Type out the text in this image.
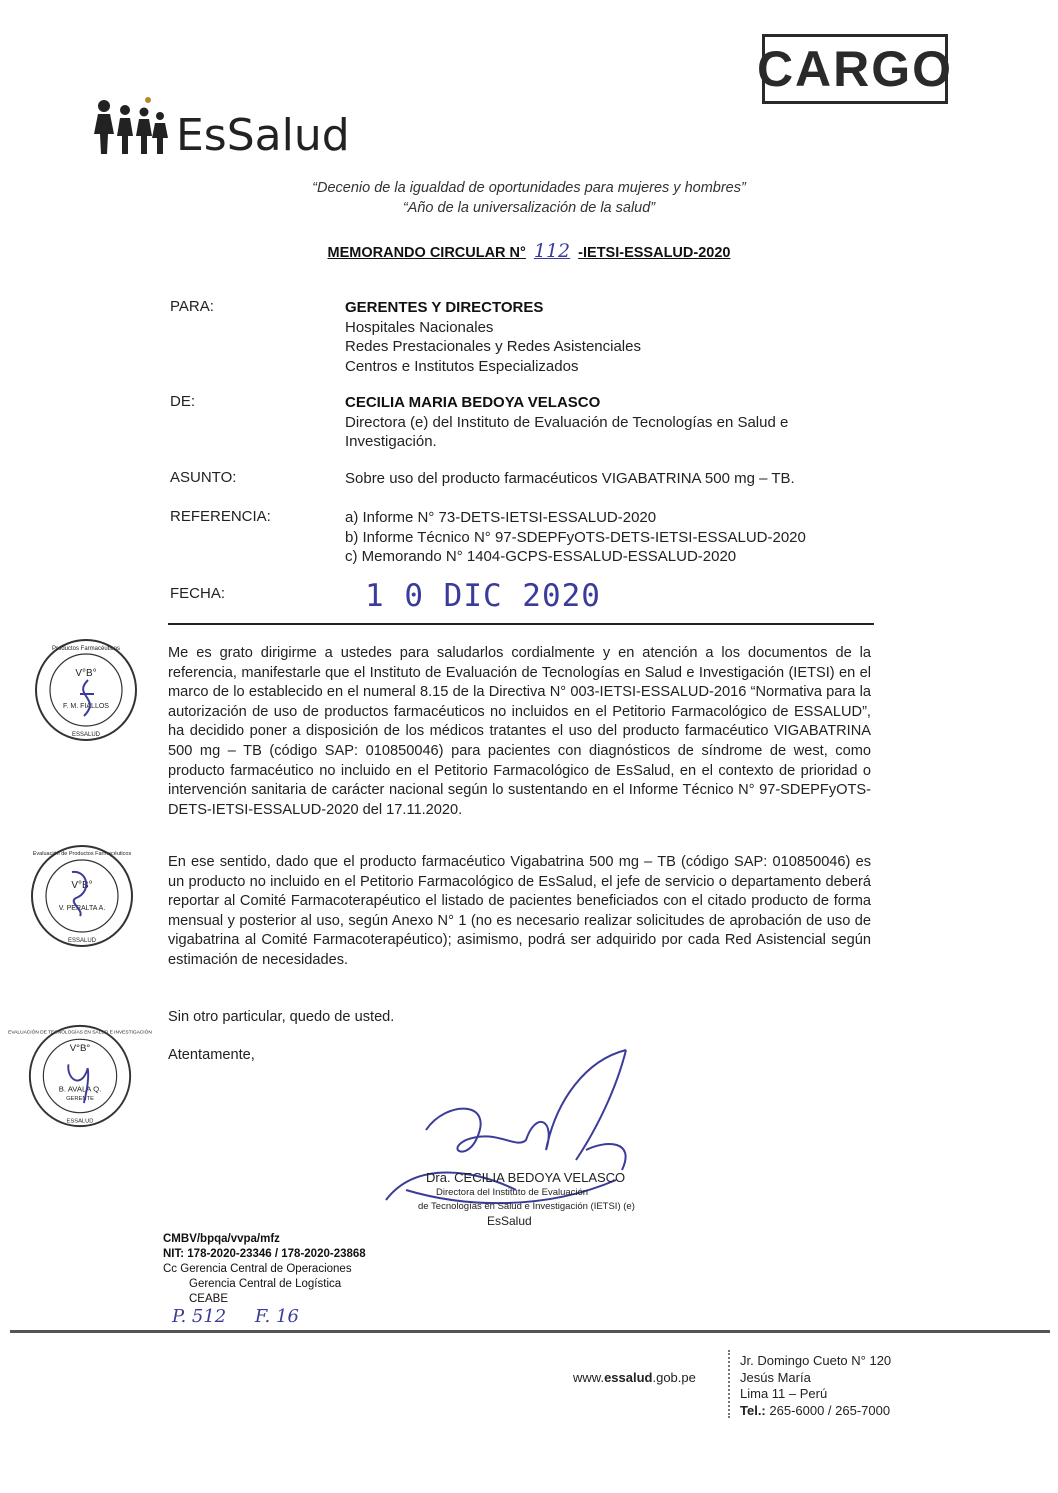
CARGO
EsSalud
“Decenio de la igualdad de oportunidades para mujeres y hombres”
“Año de la universalización de la salud”
MEMORANDO CIRCULAR N° 112 -IETSI-ESSALUD-2020
PARA:	GERENTES Y DIRECTORES
Hospitales Nacionales
Redes Prestacionales y Redes Asistenciales
Centros e Institutos Especializados
DE:	CECILIA MARIA BEDOYA VELASCO
Directora (e) del Instituto de Evaluación de Tecnologías en Salud e
Investigación.
ASUNTO:	Sobre uso del producto farmacéuticos VIGABATRINA 500 mg – TB.
REFERENCIA:	a) Informe N° 73-DETS-IETSI-ESSALUD-2020
b) Informe Técnico N° 97-SDEPFyOTS-DETS-IETSI-ESSALUD-2020
c) Memorando N° 1404-GCPS-ESSALUD-ESSALUD-2020
FECHA:	1 0 DIC 2020
Me es grato dirigirme a ustedes para saludarlos cordialmente y en atención a los documentos de la referencia, manifestarle que el Instituto de Evaluación de Tecnologías en Salud e Investigación (IETSI) en el marco de lo establecido en el numeral 8.15 de la Directiva N° 003-IETSI-ESSALUD-2016 “Normativa para la autorización de uso de productos farmacéuticos no incluidos en el Petitorio Farmacológico de ESSALUD”, ha decidido poner a disposición de los médicos tratantes el uso del producto farmacéutico VIGABATRINA 500 mg – TB (código SAP: 010850046) para pacientes con diagnósticos de síndrome de west, como producto farmacéutico no incluido en el Petitorio Farmacológico de EsSalud, en el contexto de prioridad o intervención sanitaria de carácter nacional según lo sustentando en el Informe Técnico N° 97-SDEPFyOTS-DETS-IETSI-ESSALUD-2020 del 17.11.2020.
En ese sentido, dado que el producto farmacéutico Vigabatrina 500 mg – TB (código SAP: 010850046) es un producto no incluido en el Petitorio Farmacológico de EsSalud, el jefe de servicio o departamento deberá reportar al Comité Farmacoterapéutico el listado de pacientes beneficiados con el citado producto de forma mensual y posterior al uso, según Anexo N° 1 (no es necesario realizar solicitudes de aprobación de uso de vigabatrina al Comité Farmacoterapéutico); asimismo, podrá ser adquirido por cada Red Asistencial según estimación de necesidades.
Sin otro particular, quedo de usted.
Atentamente,
V°B°
F. M. FIALLOS
Productos Farmacéuticos
ESSALUD
V°B°
V. PERALTA A.
Evaluación de Productos Farmacéuticos
ESSALUD
V°B°
B. AVALA Q.
GERENTE
EVALUACIÓN DE TECNOLOGÍAS EN SALUD E INVESTIGACIÓN
ESSALUD
Dra. CECILIA BEDOYA VELASCO
Directora del Instituto de Evaluación
de Tecnologías en Salud e Investigación (IETSI) (e)
EsSalud
CMBV/bpqa/vvpa/mfz
NIT: 178-2020-23346 / 178-2020-23868
Cc Gerencia Central de Operaciones
Gerencia Central de Logística
CEABE
P. 512     F. 16
www.essalud.gob.pe
Jr. Domingo Cueto N° 120
Jesús María
Lima 11 – Perú
Tel.: 265-6000 / 265-7000
